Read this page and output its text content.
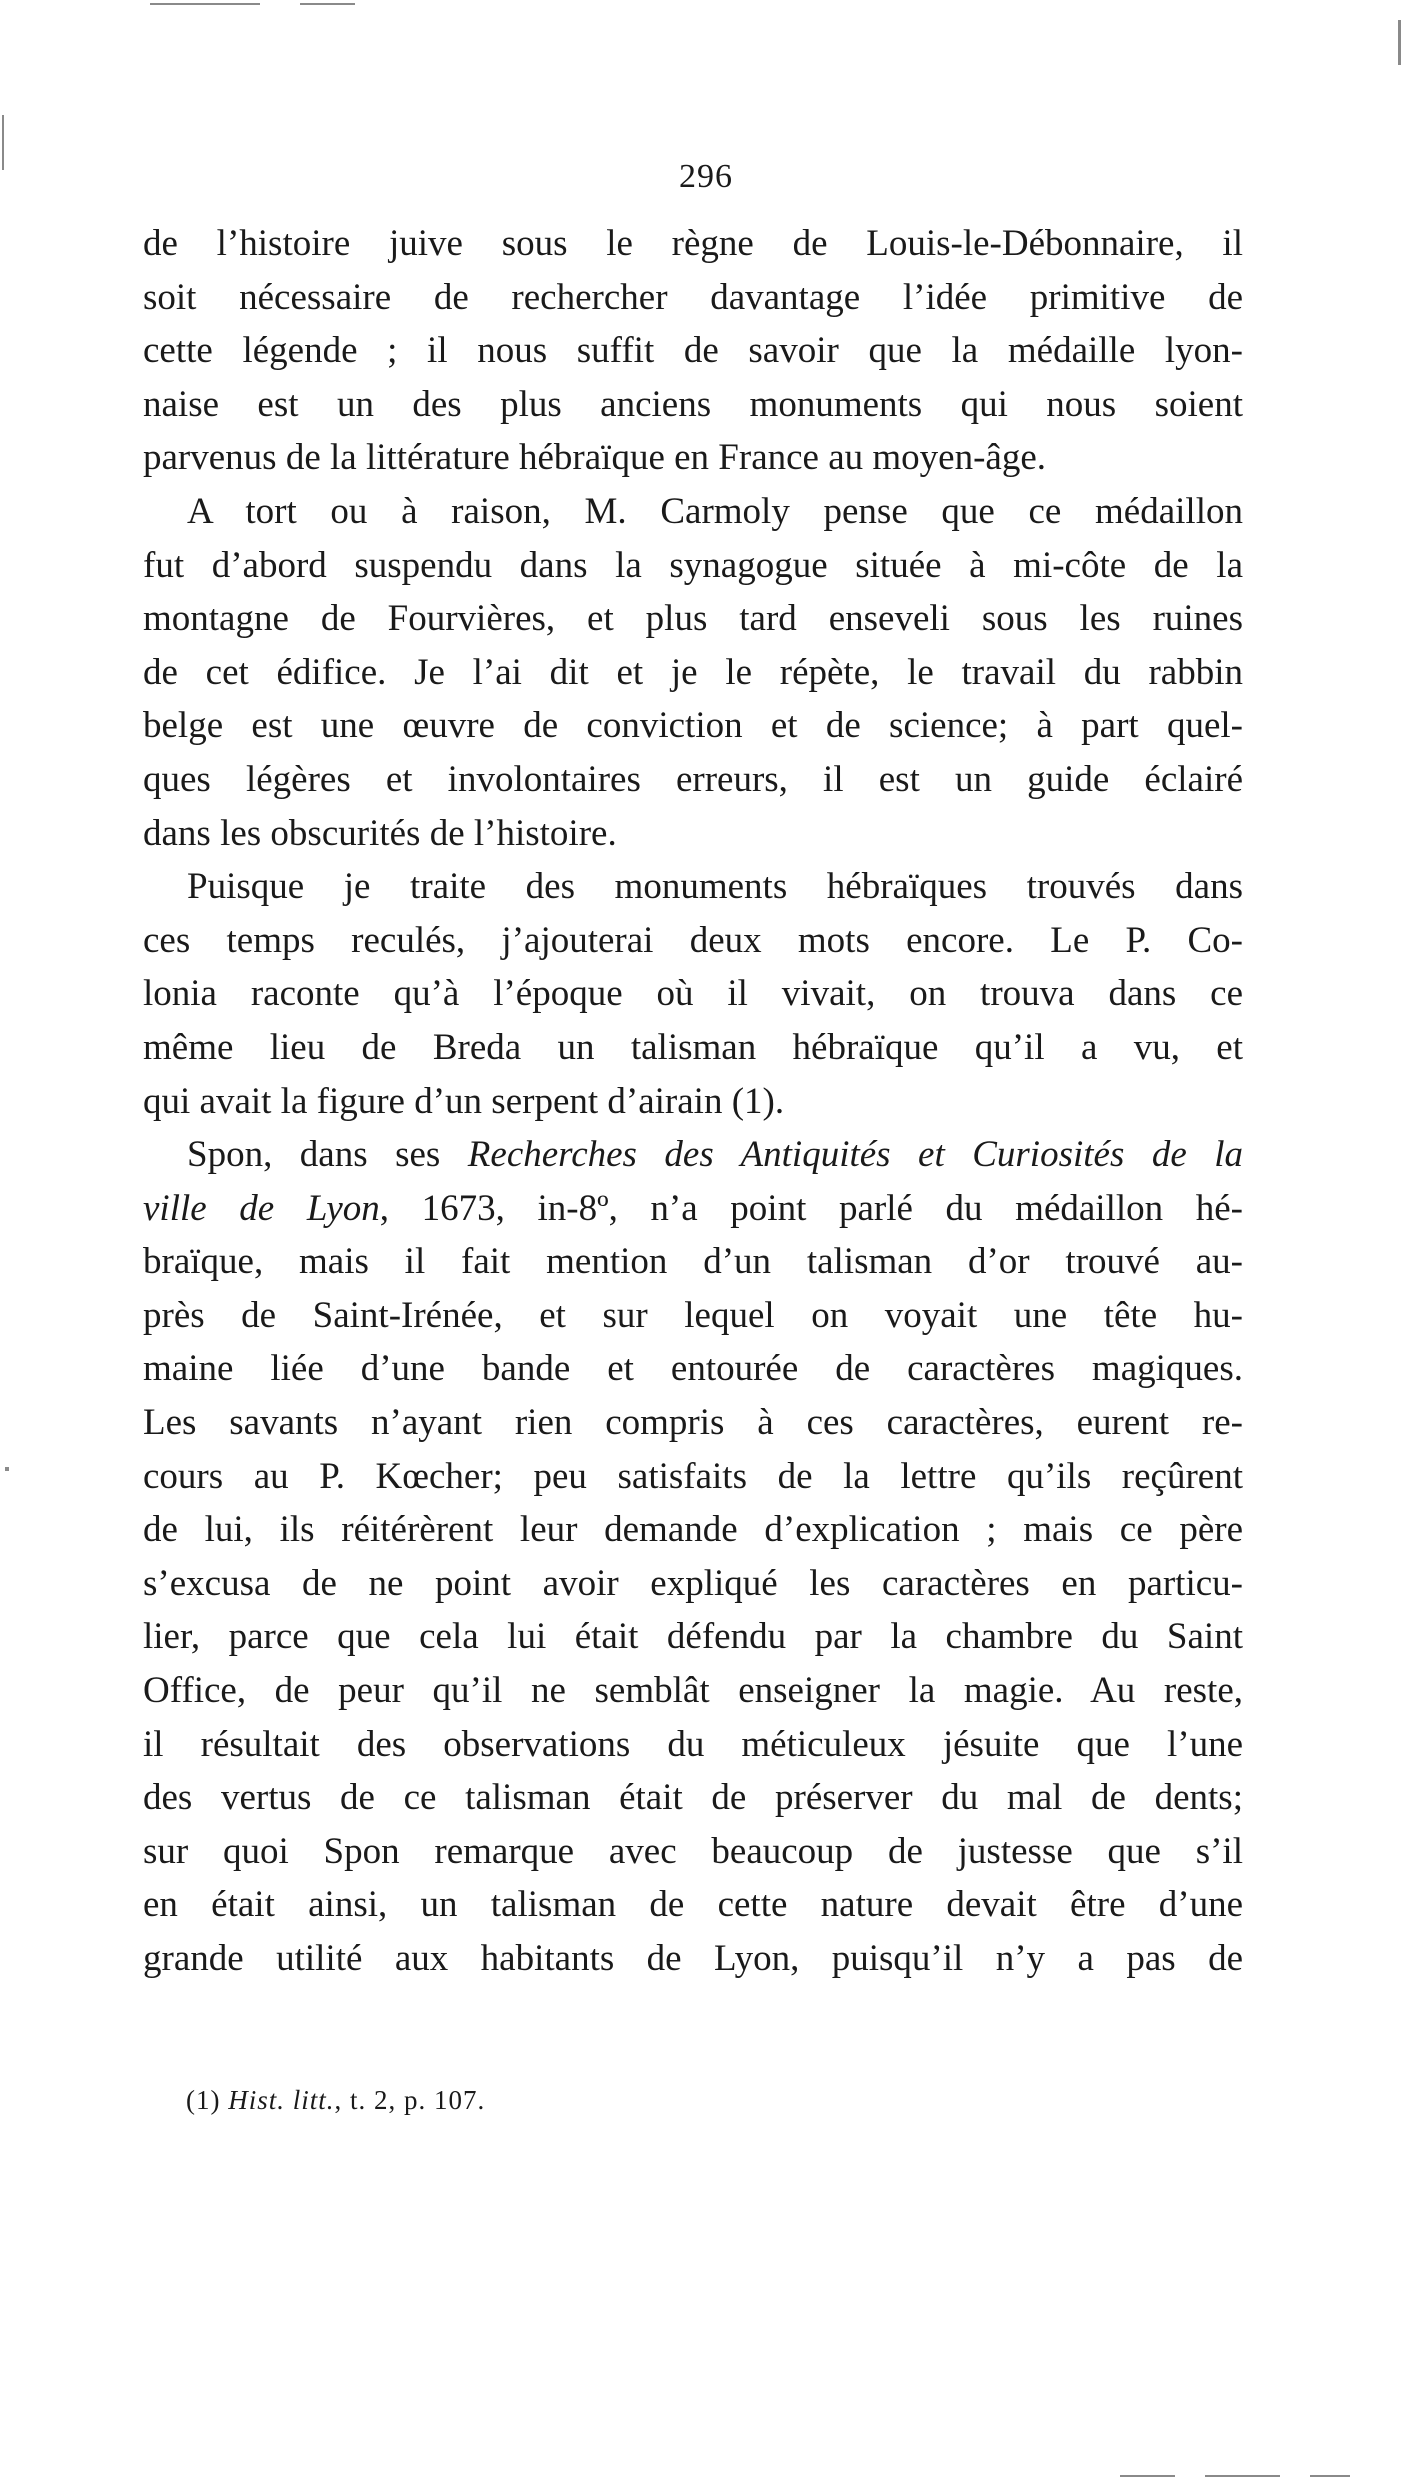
296
de l’histoire juive sous le règne de Louis-le-Débonnaire, il
soit nécessaire de rechercher davantage l’idée primitive de
cette légende ; il nous suffit de savoir que la médaille lyon-
naise est un des plus anciens monuments qui nous soient
parvenus de la littérature hébraïque en France au moyen-âge.
A tort ou à raison, M. Carmoly pense que ce médaillon
fut d’abord suspendu dans la synagogue située à mi-côte de la
montagne de Fourvières, et plus tard enseveli sous les ruines
de cet édifice. Je l’ai dit et je le répète, le travail du rabbin
belge est une œuvre de conviction et de science; à part quel-
ques légères et involontaires erreurs, il est un guide éclairé
dans les obscurités de l’histoire.
Puisque je traite des monuments hébraïques trouvés dans
ces temps reculés, j’ajouterai deux mots encore. Le P. Co-
lonia raconte qu’à l’époque où il vivait, on trouva dans ce
même lieu de Breda un talisman hébraïque qu’il a vu, et
qui avait la figure d’un serpent d’airain (1).
Spon, dans ses Recherches des Antiquités et Curiosités de la
ville de Lyon, 1673, in-8º, n’a point parlé du médaillon hé-
braïque, mais il fait mention d’un talisman d’or trouvé au-
près de Saint-Irénée, et sur lequel on voyait une tête hu-
maine liée d’une bande et entourée de caractères magiques.
Les savants n’ayant rien compris à ces caractères, eurent re-
cours au P. Kœcher; peu satisfaits de la lettre qu’ils reçûrent
de lui, ils réitérèrent leur demande d’explication ; mais ce père
s’excusa de ne point avoir expliqué les caractères en particu-
lier, parce que cela lui était défendu par la chambre du Saint
Office, de peur qu’il ne semblât enseigner la magie. Au reste,
il résultait des observations du méticuleux jésuite que l’une
des vertus de ce talisman était de préserver du mal de dents;
sur quoi Spon remarque avec beaucoup de justesse que s’il
en était ainsi, un talisman de cette nature devait être d’une
grande utilité aux habitants de Lyon, puisqu’il n’y a pas de
(1) Hist. litt., t. 2, p. 107.
